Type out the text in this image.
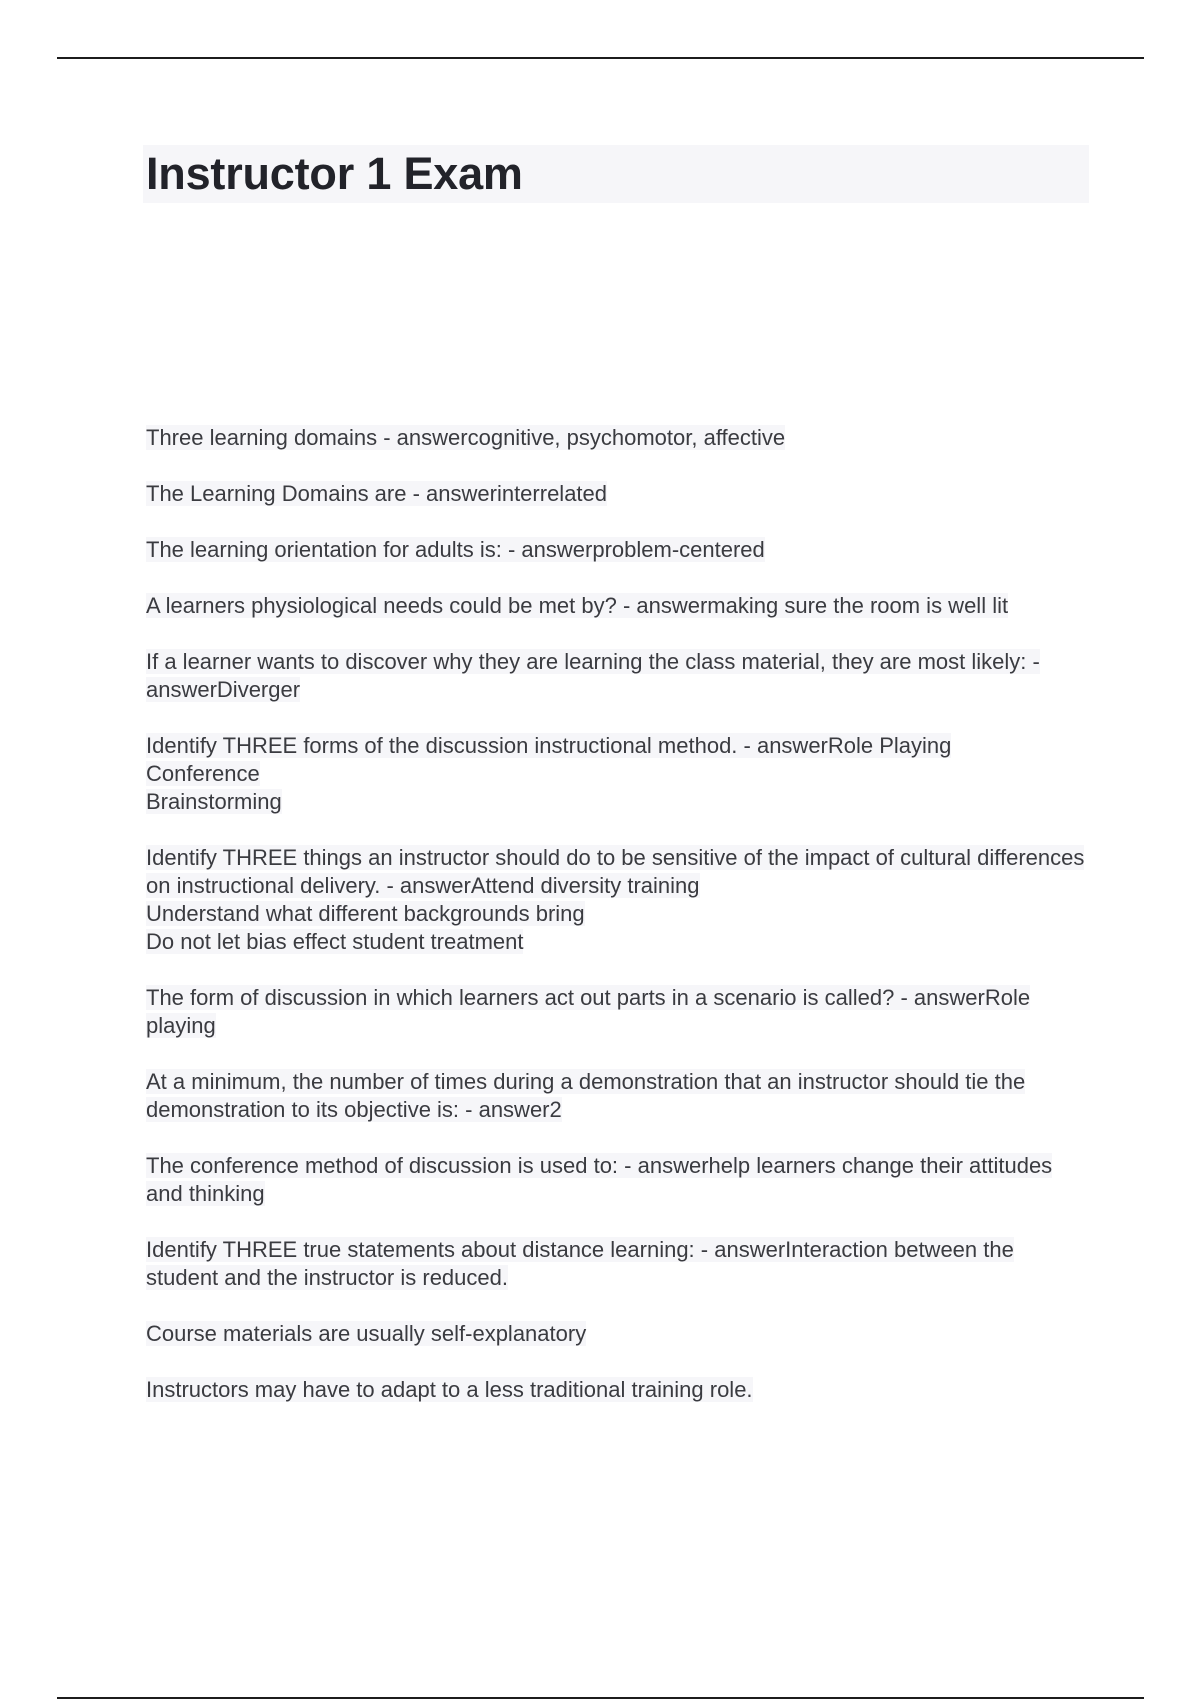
Instructor 1 Exam

Three learning domains - answercognitive, psychomotor, affective

The Learning Domains are - answerinterrelated

The learning orientation for adults is: - answerproblem-centered

A learners physiological needs could be met by? - answermaking sure the room is well lit

If a learner wants to discover why they are learning the class material, they are most likely: - answerDiverger

Identify THREE forms of the discussion instructional method. - answerRole Playing
Conference
Brainstorming

Identify THREE things an instructor should do to be sensitive of the impact of cultural differences on instructional delivery. - answerAttend diversity training
Understand what different backgrounds bring
Do not let bias effect student treatment

The form of discussion in which learners act out parts in a scenario is called? - answerRole playing

At a minimum, the number of times during a demonstration that an instructor should tie the demonstration to its objective is: - answer2

The conference method of discussion is used to: - answerhelp learners change their attitudes and thinking

Identify THREE true statements about distance learning: - answerInteraction between the student and the instructor is reduced.

Course materials are usually self-explanatory

Instructors may have to adapt to a less traditional training role.
